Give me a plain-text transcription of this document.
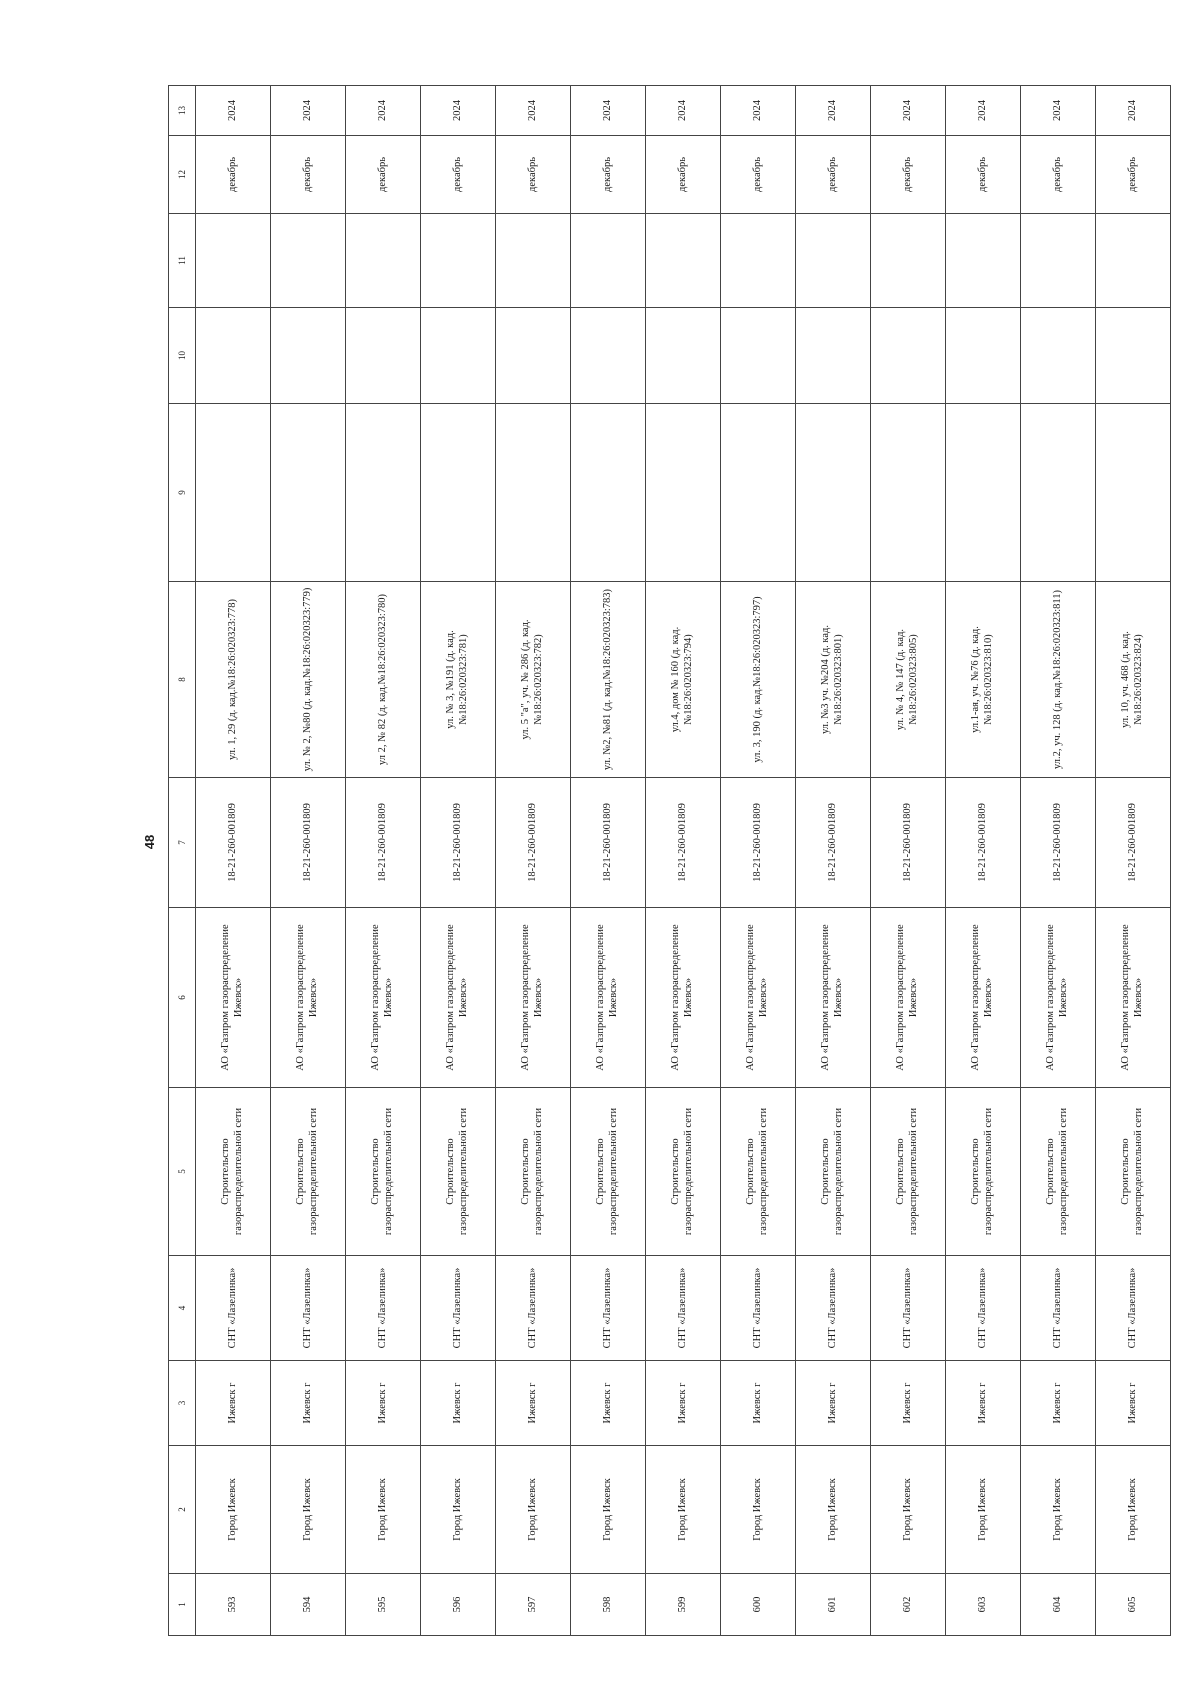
48
1	2	3	4	5	6	7	8	9	10	11	12	13
593	Город Ижевск	Ижевск г	СНТ «Лазелинка»	Строительство газораспределительной сети	АО «Газпром газораспределение Ижевск»	18-21-260-001809	ул. 1, 29 (д. кад.№18:26:020323:778)				декабрь	2024
594	Город Ижевск	Ижевск г	СНТ «Лазелинка»	Строительство газораспределительной сети	АО «Газпром газораспределение Ижевск»	18-21-260-001809	ул. № 2, №80 (д. кад.№18:26:020323:779)				декабрь	2024
595	Город Ижевск	Ижевск г	СНТ «Лазелинка»	Строительство газораспределительной сети	АО «Газпром газораспределение Ижевск»	18-21-260-001809	ул 2, № 82 (д. кад.№18:26:020323:780)				декабрь	2024
596	Город Ижевск	Ижевск г	СНТ «Лазелинка»	Строительство газораспределительной сети	АО «Газпром газораспределение Ижевск»	18-21-260-001809	ул. № 3, №191 (д. кад.№18:26:020323:781)				декабрь	2024
597	Город Ижевск	Ижевск г	СНТ «Лазелинка»	Строительство газораспределительной сети	АО «Газпром газораспределение Ижевск»	18-21-260-001809	ул. 5 "а", уч. № 286 (д. кад.№18:26:020323:782)				декабрь	2024
598	Город Ижевск	Ижевск г	СНТ «Лазелинка»	Строительство газораспределительной сети	АО «Газпром газораспределение Ижевск»	18-21-260-001809	ул. №2, №81 (д. кад.№18:26:020323:783)				декабрь	2024
599	Город Ижевск	Ижевск г	СНТ «Лазелинка»	Строительство газораспределительной сети	АО «Газпром газораспределение Ижевск»	18-21-260-001809	ул.4, дом № 160 (д. кад.№18:26:020323:794)				декабрь	2024
600	Город Ижевск	Ижевск г	СНТ «Лазелинка»	Строительство газораспределительной сети	АО «Газпром газораспределение Ижевск»	18-21-260-001809	ул. 3, 190 (д. кад.№18:26:020323:797)				декабрь	2024
601	Город Ижевск	Ижевск г	СНТ «Лазелинка»	Строительство газораспределительной сети	АО «Газпром газораспределение Ижевск»	18-21-260-001809	ул. №3 уч. №204 (д. кад.№18:26:020323:801)				декабрь	2024
602	Город Ижевск	Ижевск г	СНТ «Лазелинка»	Строительство газораспределительной сети	АО «Газпром газораспределение Ижевск»	18-21-260-001809	ул. № 4, № 147 (д. кад.№18:26:020323:805)				декабрь	2024
603	Город Ижевск	Ижевск г	СНТ «Лазелинка»	Строительство газораспределительной сети	АО «Газпром газораспределение Ижевск»	18-21-260-001809	ул.1-ая, уч. №76 (д. кад.№18:26:020323:810)				декабрь	2024
604	Город Ижевск	Ижевск г	СНТ «Лазелинка»	Строительство газораспределительной сети	АО «Газпром газораспределение Ижевск»	18-21-260-001809	ул.2, уч. 128 (д. кад.№18:26:020323:811)				декабрь	2024
605	Город Ижевск	Ижевск г	СНТ «Лазелинка»	Строительство газораспределительной сети	АО «Газпром газораспределение Ижевск»	18-21-260-001809	ул. 10, уч. 468 (д. кад.№18:26:020323:824)				декабрь	2024
